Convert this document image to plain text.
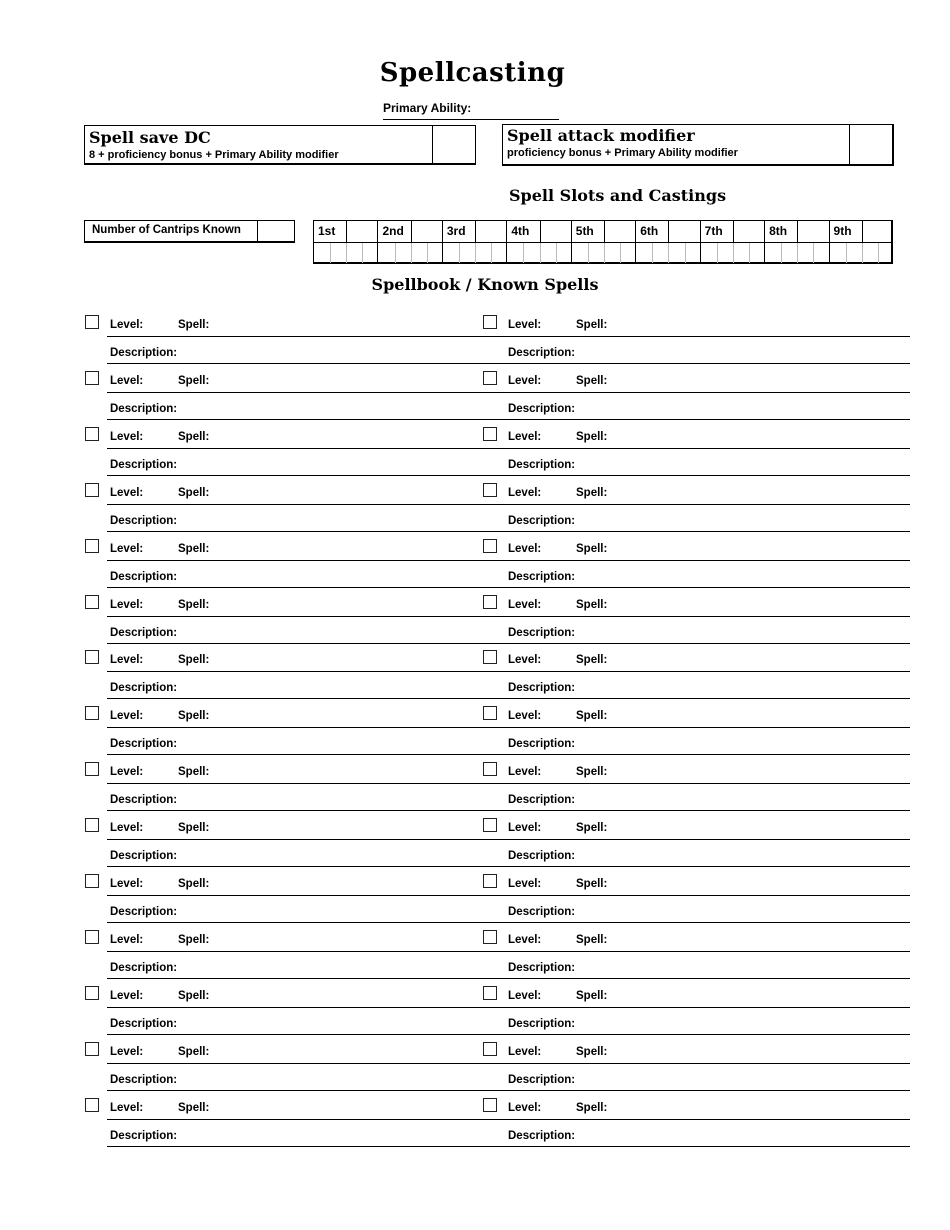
Spellcasting
Primary Ability:
Spell save DC
8 + proficiency bonus + Primary Ability modifier
Spell attack modifier
proficiency bonus + Primary Ability modifier
Spell Slots and Castings
Number of Cantrips Known	1st	2nd	3rd	4th	5th	6th	7th	8th	9th
Spellbook / Known Spells
Level:	Spell:
Description:
Level:	Spell:
Description:
Level:	Spell:
Description:
Level:	Spell:
Description:
Level:	Spell:
Description:
Level:	Spell:
Description:
Level:	Spell:
Description:
Level:	Spell:
Description:
Level:	Spell:
Description:
Level:	Spell:
Description:
Level:	Spell:
Description:
Level:	Spell:
Description:
Level:	Spell:
Description:
Level:	Spell:
Description:
Level:	Spell:
Description:
Level:	Spell:
Description:
Level:	Spell:
Description:
Level:	Spell:
Description:
Level:	Spell:
Description:
Level:	Spell:
Description:
Level:	Spell:
Description:
Level:	Spell:
Description:
Level:	Spell:
Description:
Level:	Spell:
Description:
Level:	Spell:
Description:
Level:	Spell:
Description:
Level:	Spell:
Description:
Level:	Spell:
Description:
Level:	Spell:
Description:
Level:	Spell:
Description:
